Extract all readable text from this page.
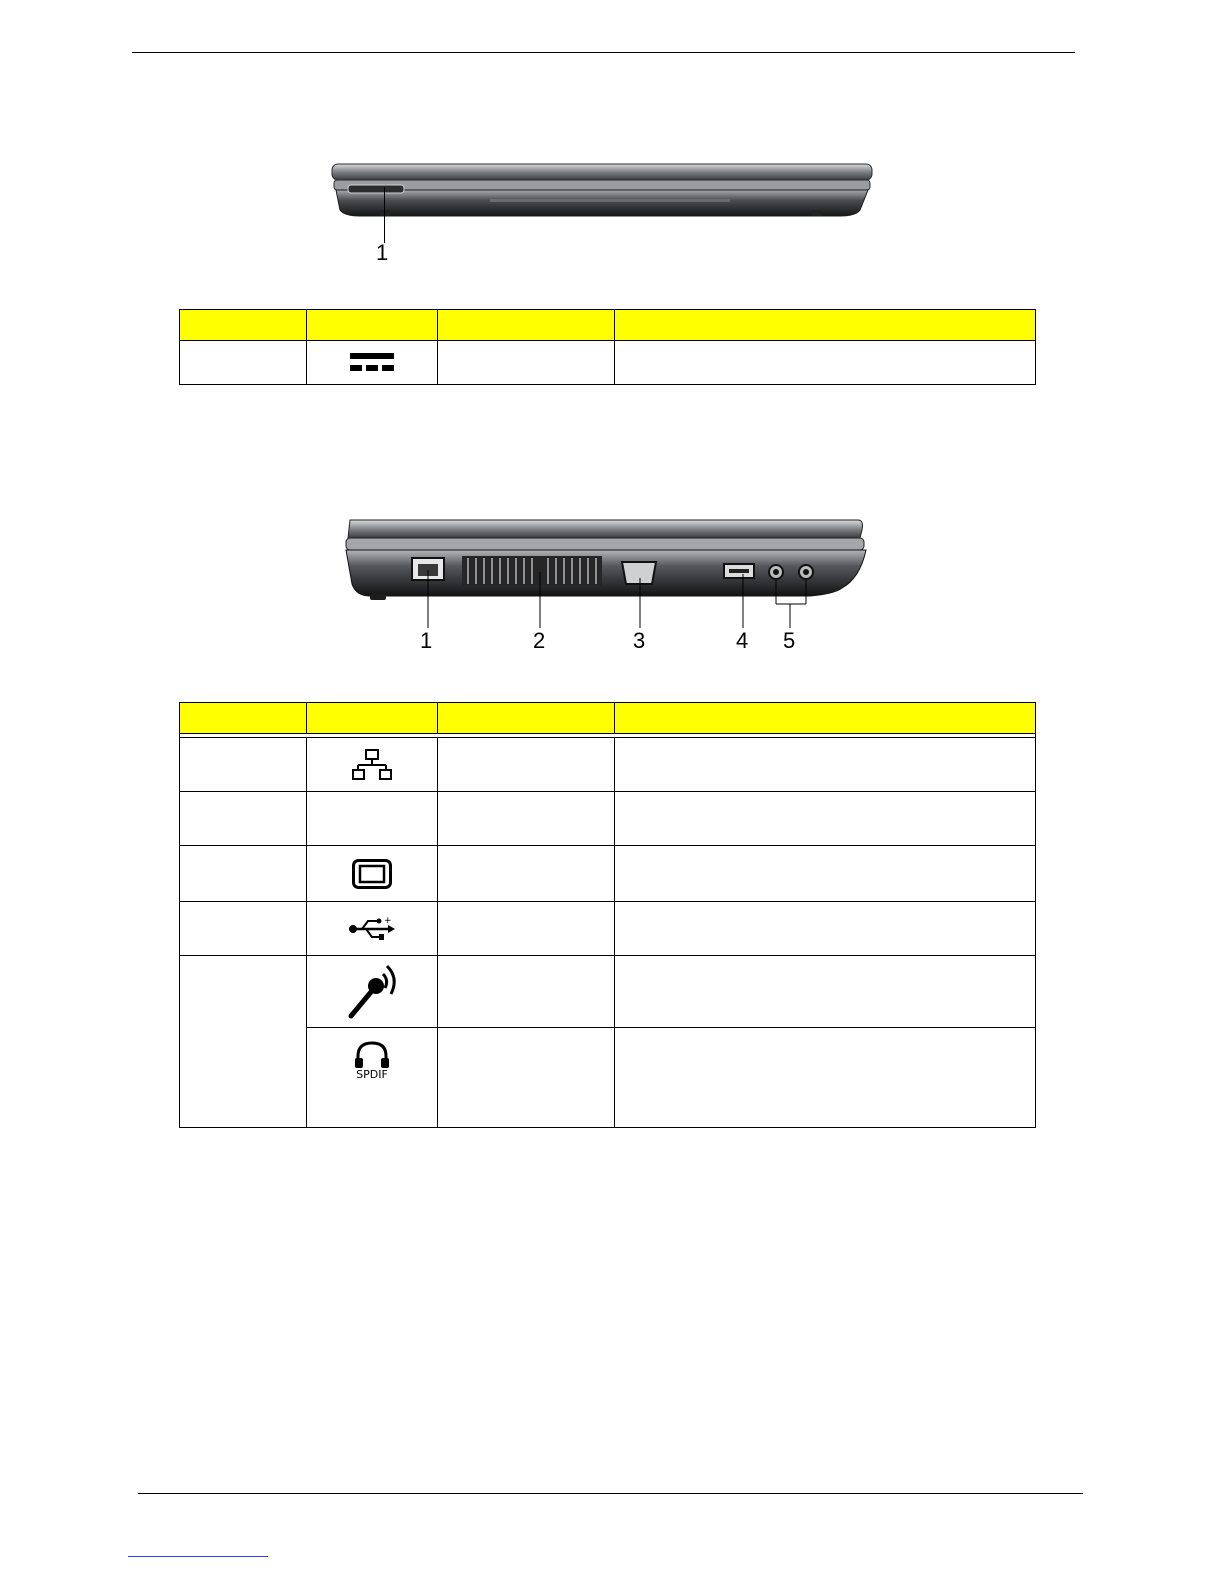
1

1	2	3	4 5

+		

	SPDIF		
